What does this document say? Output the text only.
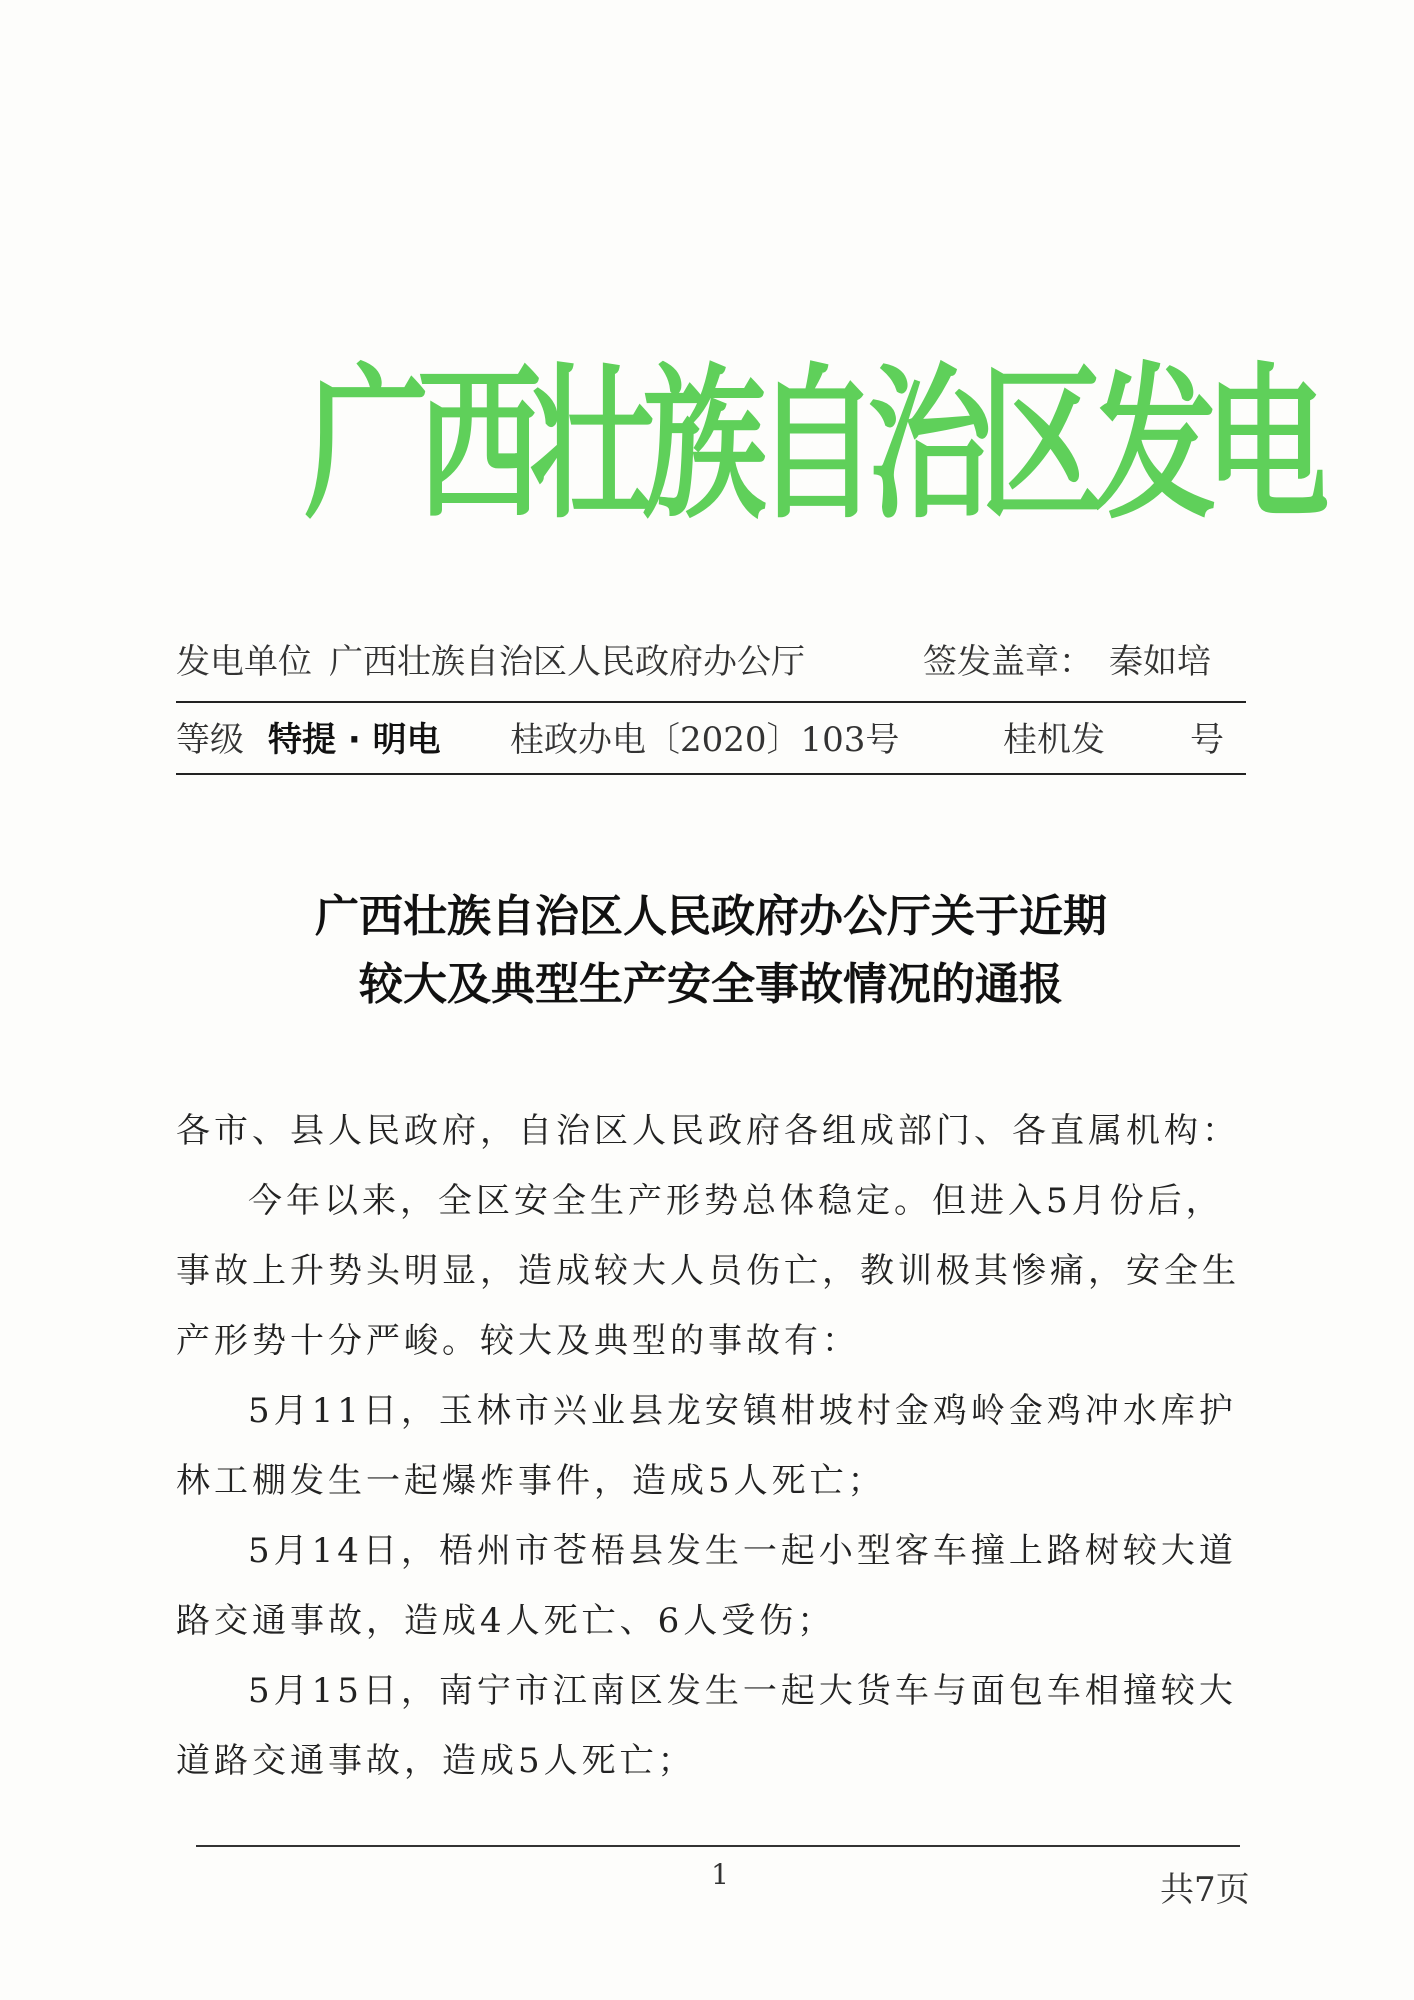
广西壮族自治区发电
发电单位 广西壮族自治区人民政府办公厅	签发盖章： 秦如培
等级 特提 · 明电 桂政办电〔2020〕103号	桂机发	号
广西壮族自治区人民政府办公厅关于近期
较大及典型生产安全事故情况的通报
各市、县人民政府，自治区人民政府各组成部门、各直属机构：
今年以来，全区安全生产形势总体稳定。但进入5月份后，
事故上升势头明显，造成较大人员伤亡，教训极其惨痛，安全生
产形势十分严峻。较大及典型的事故有：
5月11日，玉林市兴业县龙安镇柑坡村金鸡岭金鸡冲水库护
林工棚发生一起爆炸事件，造成5人死亡；
5月14日，梧州市苍梧县发生一起小型客车撞上路树较大道
路交通事故，造成4人死亡、6人受伤；
5月15日，南宁市江南区发生一起大货车与面包车相撞较大
道路交通事故，造成5人死亡；
1	共7页
